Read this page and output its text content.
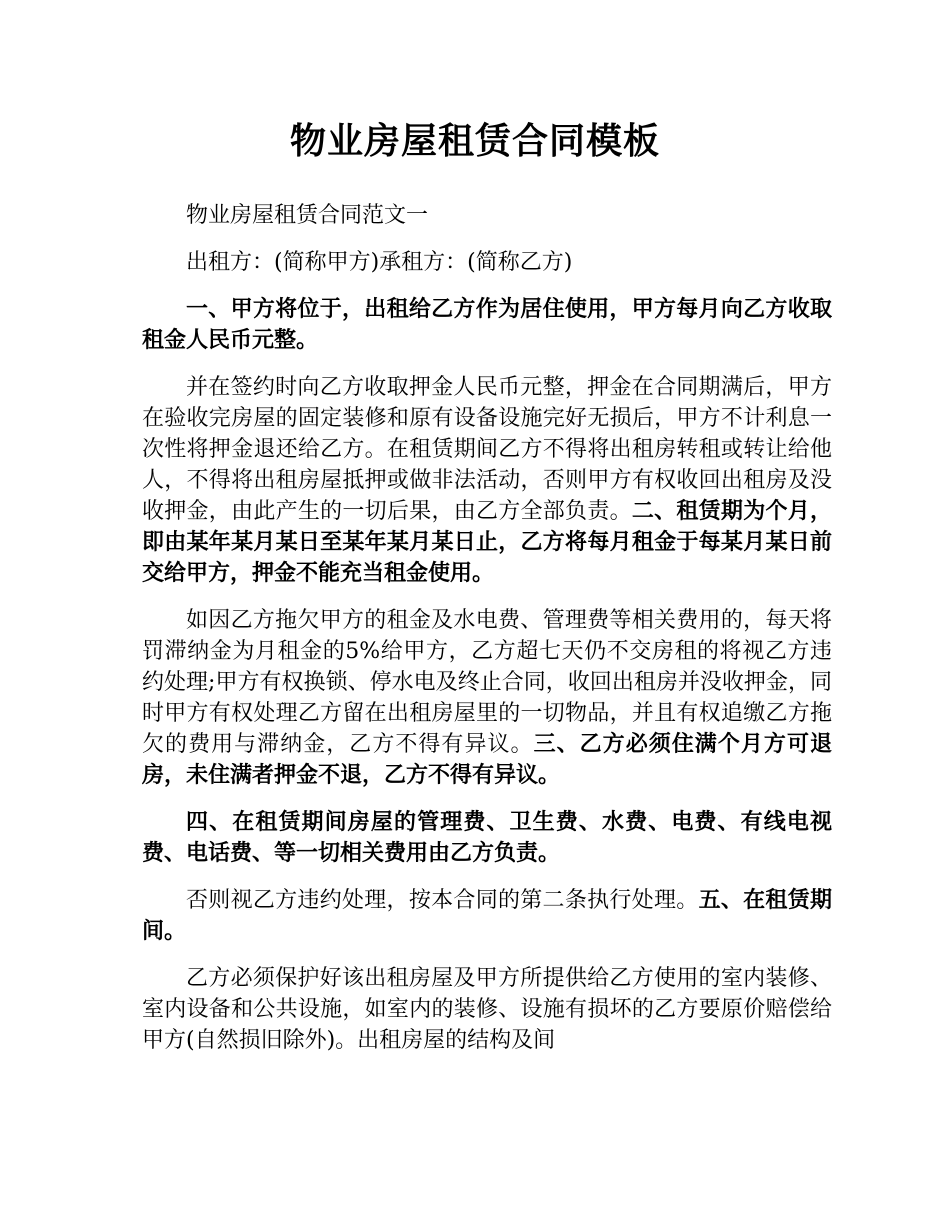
物业房屋租赁合同模板

物业房屋租赁合同范文一

出租方：(简称甲方)承租方：(简称乙方)

一、甲方将位于，出租给乙方作为居住使用，甲方每月向乙方收取租金人民币元整。

并在签约时向乙方收取押金人民币元整，押金在合同期满后，甲方在验收完房屋的固定装修和原有设备设施完好无损后，甲方不计利息一次性将押金退还给乙方。在租赁期间乙方不得将出租房转租或转让给他人，不得将出租房屋抵押或做非法活动，否则甲方有权收回出租房及没收押金，由此产生的一切后果，由乙方全部负责。二、租赁期为个月，即由某年某月某日至某年某月某日止，乙方将每月租金于每某月某日前交给甲方，押金不能充当租金使用。

如因乙方拖欠甲方的租金及水电费、管理费等相关费用的，每天将罚滞纳金为月租金的5%给甲方，乙方超七天仍不交房租的将视乙方违约处理;甲方有权换锁、停水电及终止合同，收回出租房并没收押金，同时甲方有权处理乙方留在出租房屋里的一切物品，并且有权追缴乙方拖欠的费用与滞纳金，乙方不得有异议。三、乙方必须住满个月方可退房，未住满者押金不退，乙方不得有异议。

四、在租赁期间房屋的管理费、卫生费、水费、电费、有线电视费、电话费、等一切相关费用由乙方负责。

否则视乙方违约处理，按本合同的第二条执行处理。五、在租赁期间。

乙方必须保护好该出租房屋及甲方所提供给乙方使用的室内装修、室内设备和公共设施，如室内的装修、设施有损坏的乙方要原价赔偿给甲方(自然损旧除外)。出租房屋的结构及间
